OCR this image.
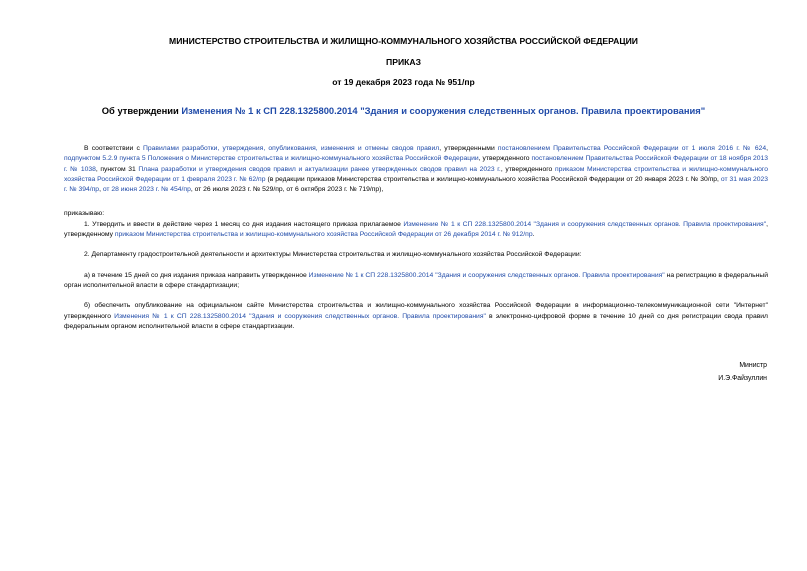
МИНИСТЕРСТВО СТРОИТЕЛЬСТВА И ЖИЛИЩНО-КОММУНАЛЬНОГО ХОЗЯЙСТВА РОССИЙСКОЙ ФЕДЕРАЦИИ
ПРИКАЗ
от 19 декабря 2023 года № 951/пр
Об утверждении Изменения № 1 к СП 228.1325800.2014 "Здания и сооружения следственных органов. Правила проектирования"

В соответствии с Правилами разработки, утверждения, опубликования, изменения и отмены сводов правил, утвержденными постановлением Правительства Российской Федерации от 1 июля 2016 г. № 624, подпунктом 5.2.9 пункта 5 Положения о Министерстве строительства и жилищно-коммунального хозяйства Российской Федерации, утвержденного постановлением Правительства Российской Федерации от 18 ноября 2013 г. № 1038, пунктом 31 Плана разработки и утверждения сводов правил и актуализации ранее утвержденных сводов правил на 2023 г., утвержденного приказом Министерства строительства и жилищно-коммунального хозяйства Российской Федерации от 1 февраля 2023 г. № 62/пр (в редакции приказов Министерства строительства и жилищно-коммунального хозяйства Российской Федерации от 20 января 2023 г. № 30/пр, от 31 мая 2023 г. № 394/пр, от 28 июня 2023 г. № 454/пр, от 26 июля 2023 г. № 529/пр, от 6 октября 2023 г. № 719/пр),

приказываю:

1. Утвердить и ввести в действие через 1 месяц со дня издания настоящего приказа прилагаемое Изменение № 1 к СП 228.1325800.2014 "Здания и сооружения следственных органов. Правила проектирования", утвержденному приказом Министерства строительства и жилищно-коммунального хозяйства Российской Федерации от 26 декабря 2014 г. № 912/пр.

2. Департаменту градостроительной деятельности и архитектуры Министерства строительства и жилищно-коммунального хозяйства Российской Федерации:

а) в течение 15 дней со дня издания приказа направить утвержденное Изменение № 1 к СП 228.1325800.2014 "Здания и сооружения следственных органов. Правила проектирования" на регистрацию в федеральный орган исполнительной власти в сфере стандартизации;

б) обеспечить опубликование на официальном сайте Министерства строительства и жилищно-коммунального хозяйства Российской Федерации в информационно-телекоммуникационной сети "Интернет" утвержденного Изменения № 1 к СП 228.1325800.2014 "Здания и сооружения следственных органов. Правила проектирования" в электронно-цифровой форме в течение 10 дней со дня регистрации свода правил федеральным органом исполнительной власти в сфере стандартизации.

Министр
И.Э.Файзуллин
